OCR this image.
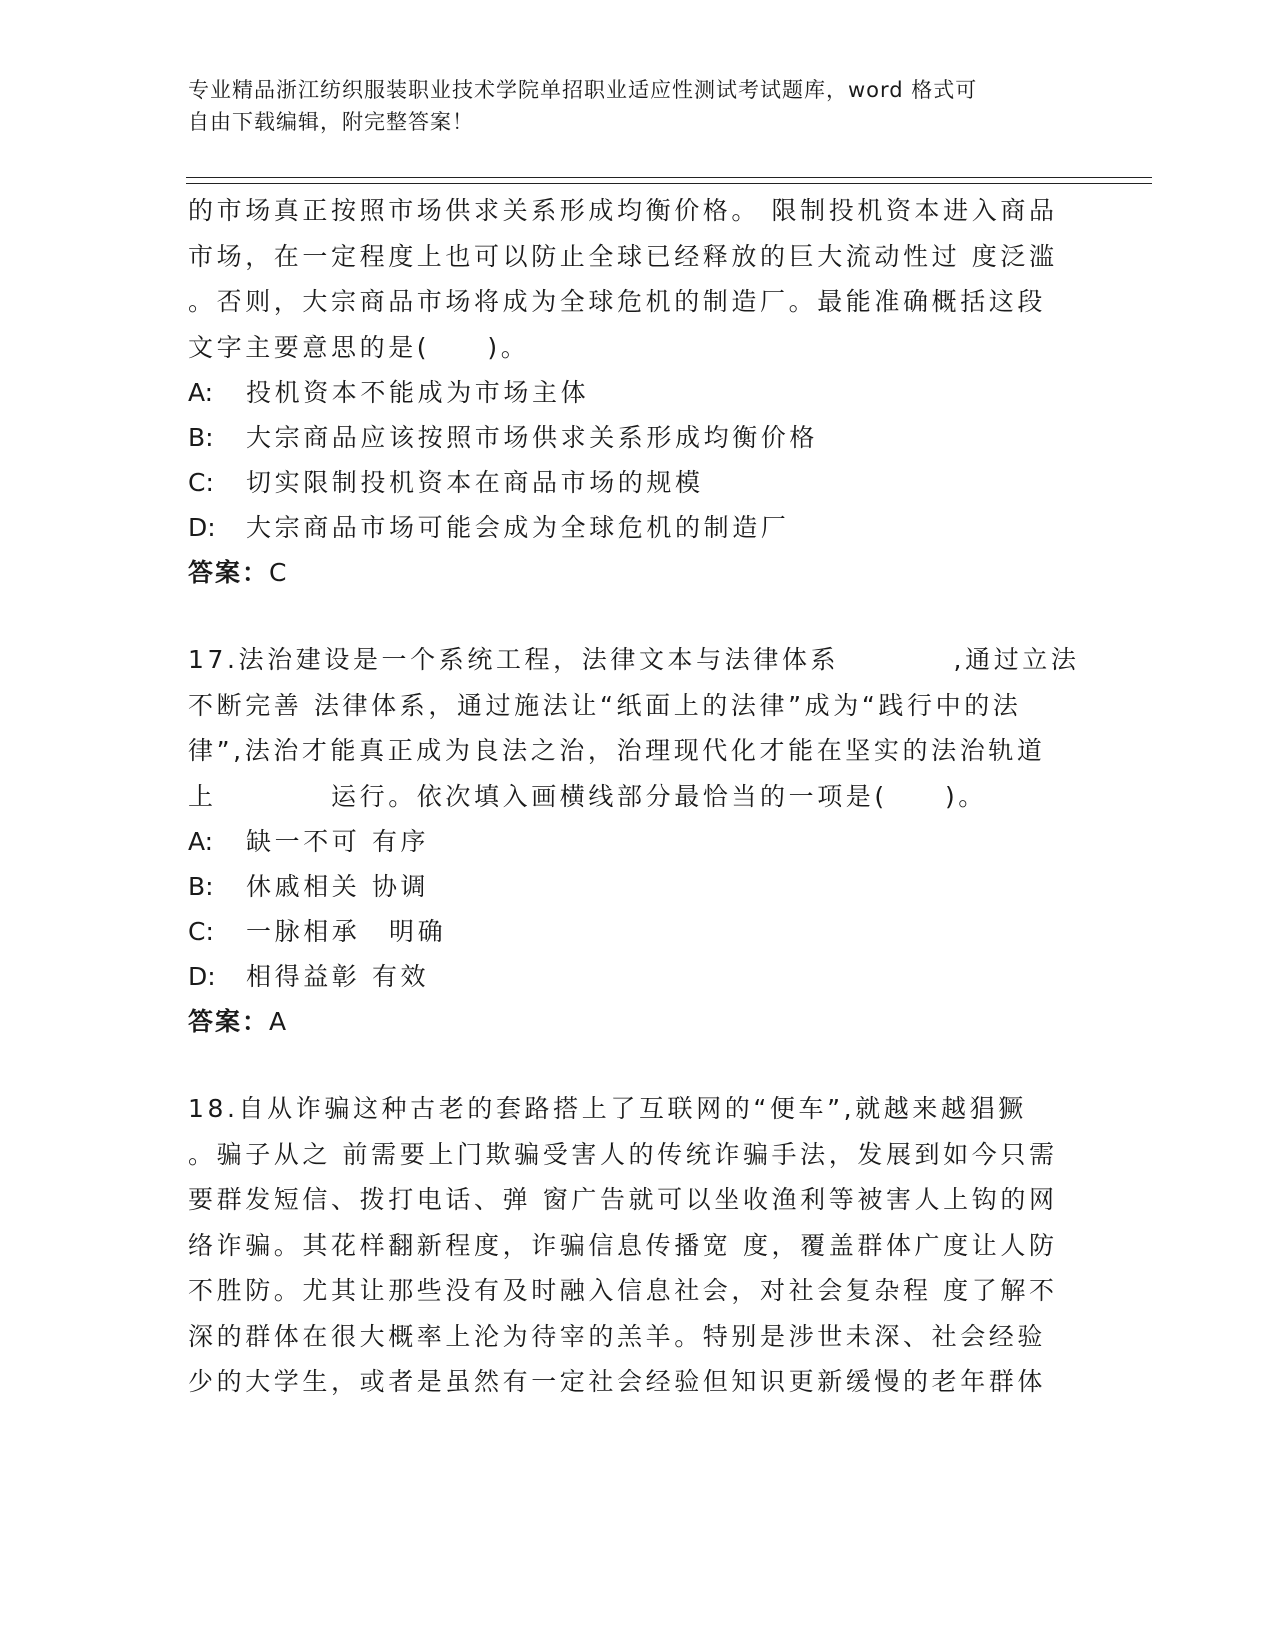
专业精品浙江纺织服装职业技术学院单招职业适应性测试考试题库，word 格式可
自由下载编辑，附完整答案！
的市场真正按照市场供求关系形成均衡价格。 限制投机资本进入商品
市场，在一定程度上也可以防止全球已经释放的巨大流动性过 度泛滥
。否则，大宗商品市场将成为全球危机的制造厂。最能准确概括这段
文字主要意思的是(　　)。
A: 投机资本不能成为市场主体
B: 大宗商品应该按照市场供求关系形成均衡价格
C: 切实限制投机资本在商品市场的规模
D: 大宗商品市场可能会成为全球危机的制造厂
答案：C
17.法治建设是一个系统工程，法律文本与法律体系　　　　,通过立法
不断完善 法律体系，通过施法让“纸面上的法律”成为“践行中的法
律”,法治才能真正成为良法之治，治理现代化才能在坚实的法治轨道
上　　　　运行。依次填入画横线部分最恰当的一项是(　　)。
A: 缺一不可 有序
B: 休戚相关 协调
C: 一脉相承　明确
D: 相得益彰 有效
答案：A
18.自从诈骗这种古老的套路搭上了互联网的“便车”,就越来越猖獗
。骗子从之 前需要上门欺骗受害人的传统诈骗手法，发展到如今只需
要群发短信、拨打电话、弹 窗广告就可以坐收渔利等被害人上钩的网
络诈骗。其花样翻新程度，诈骗信息传播宽 度，覆盖群体广度让人防
不胜防。尤其让那些没有及时融入信息社会，对社会复杂程 度了解不
深的群体在很大概率上沦为待宰的羔羊。特别是涉世未深、社会经验
少的大学生，或者是虽然有一定社会经验但知识更新缓慢的老年群体
